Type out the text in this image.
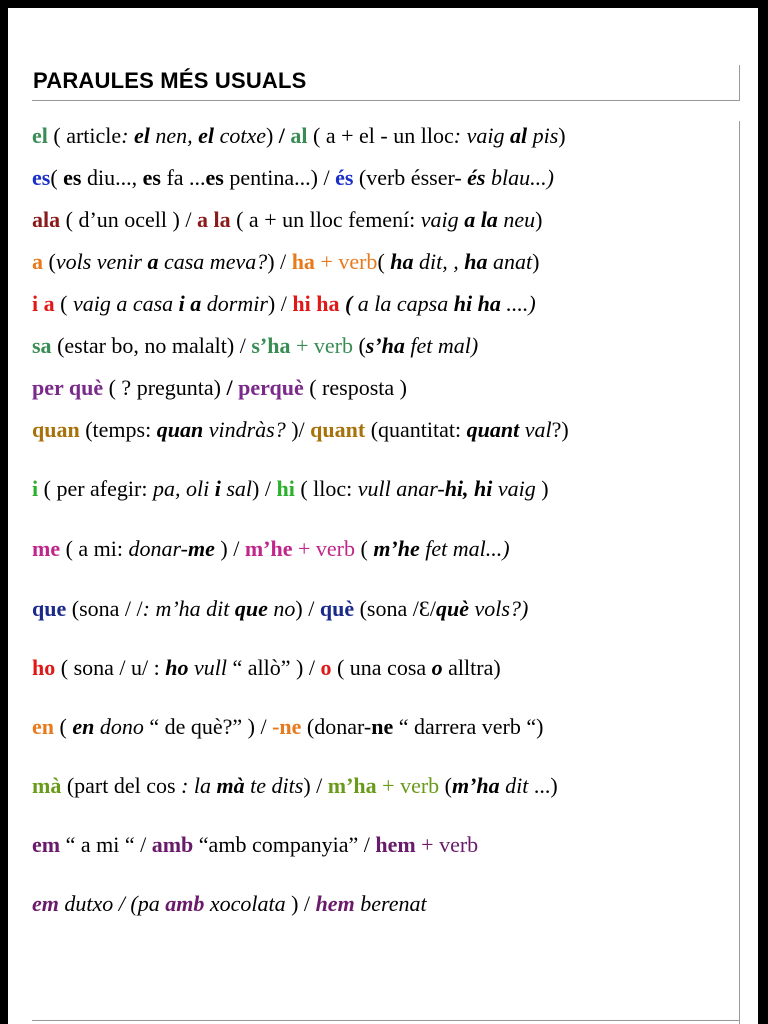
PARAULES MÉS USUALS
el ( article: el nen, el cotxe) / al ( a + el - un lloc: vaig al pis)
es( es diu..., es fa ...es pentina...) / és (verb ésser- és blau...)
ala ( d’un ocell ) / a la ( a + un lloc femení: vaig a la neu)
a (vols venir a casa meva?) / ha + verb( ha dit, , ha anat)
i a ( vaig a casa i a dormir) / hi ha ( a la capsa hi ha ....)
sa (estar bo, no malalt) / s’ha + verb (s’ha fet mal)
per què ( ? pregunta) / perquè ( resposta )
quan (temps: quan vindràs? )/ quant (quantitat: quant val?)
i ( per afegir: pa, oli i sal) / hi ( lloc: vull anar-hi, hi vaig )
me ( a mi: donar-me ) / m’he + verb ( m’he fet mal...)
que (sona / /: m’ha dit que no) / què (sona /Ɛ/què vols?)
ho ( sona / u/ : ho vull “ allò” ) / o ( una cosa o alltra)
en ( en dono “ de què?” ) / -ne (donar-ne “ darrera verb “)
mà (part del cos : la mà te dits) / m’ha + verb (m’ha dit ...)
em “ a mi “ / amb “amb companyia” / hem + verb
em dutxo / (pa amb xocolata ) / hem berenat
